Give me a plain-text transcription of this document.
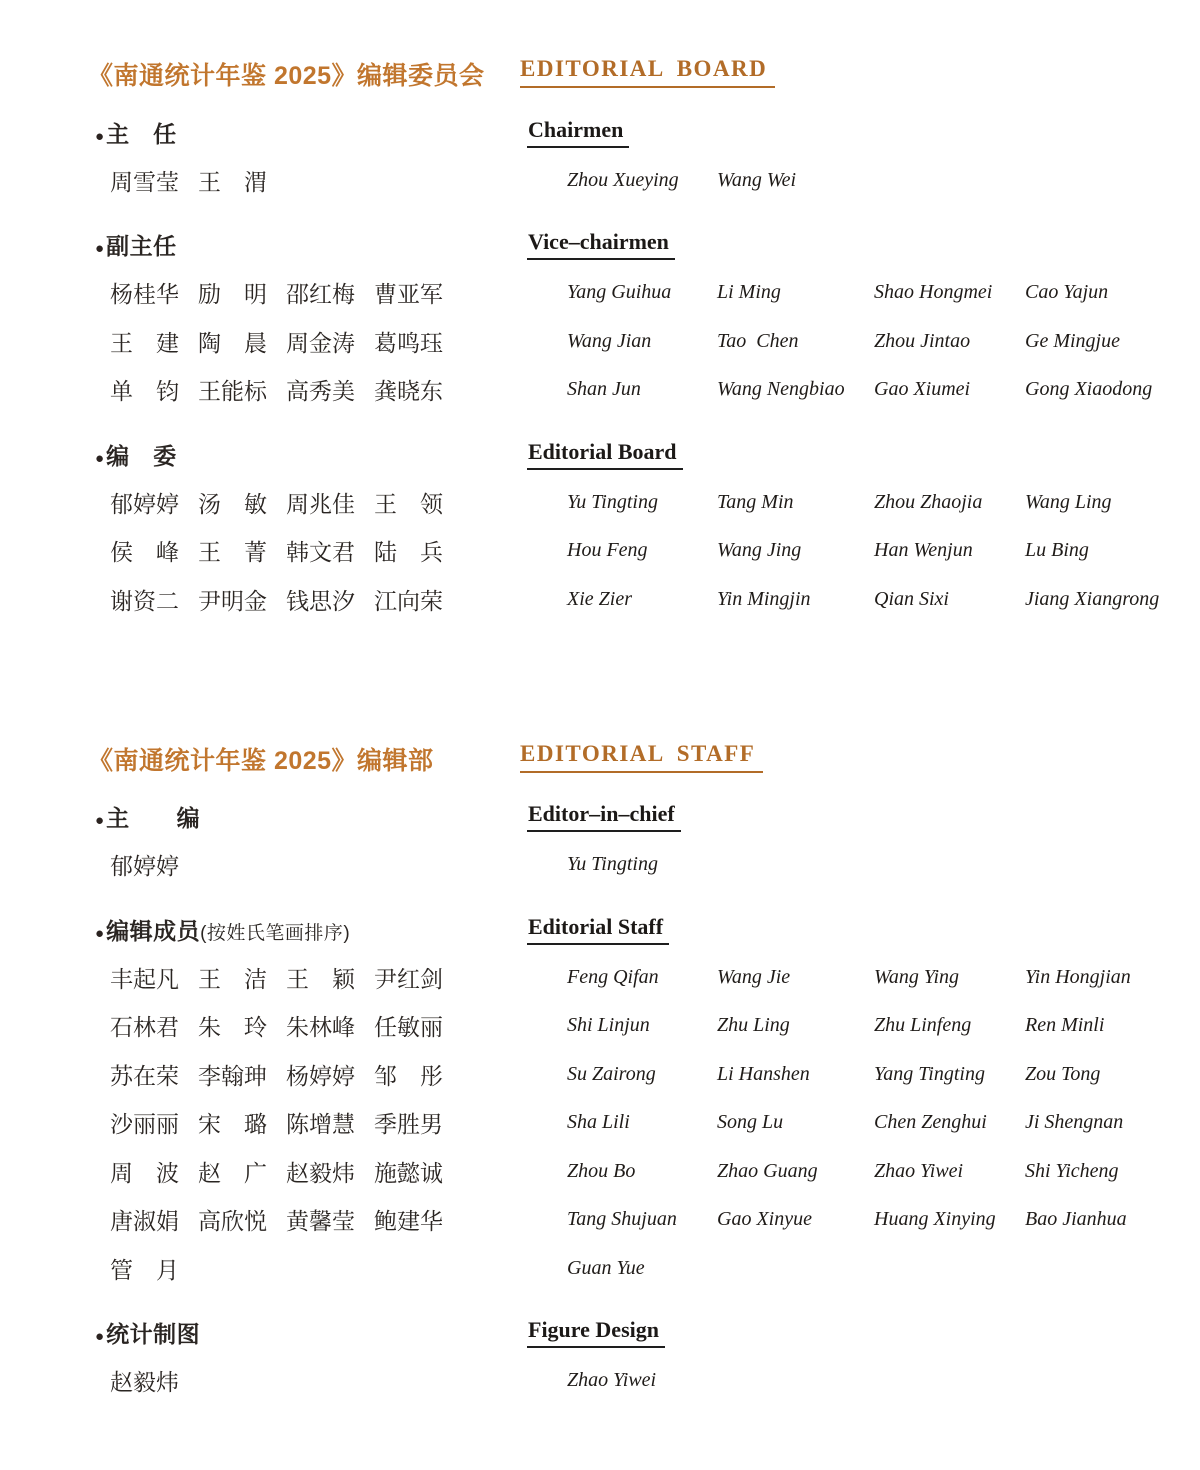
《南通统计年鉴 2025》编辑委员会	EDITORIAL BOARD
●主　任	Chairmen
周雪莹 王　渭	Zhou Xueying	Wang Wei
●副主任	Vice–chairmen
杨桂华 励　明 邵红梅 曹亚军	Yang Guihua	Li Ming	Shao Hongmei	Cao Yajun
王　建 陶　晨 周金涛 葛鸣珏	Wang Jian	Tao  Chen	Zhou Jintao	Ge Mingjue
单　钧 王能标 高秀美 龚晓东	Shan Jun	Wang Nengbiao	Gao Xiumei	Gong Xiaodong
●编　委	Editorial Board
郁婷婷 汤　敏 周兆佳 王　领	Yu Tingting	Tang Min	Zhou Zhaojia	Wang Ling
侯　峰 王　菁 韩文君 陆　兵	Hou Feng	Wang Jing	Han Wenjun	Lu Bing
谢资二 尹明金 钱思汐 江向荣	Xie Zier	Yin Mingjin	Qian Sixi	Jiang Xiangrong
《南通统计年鉴 2025》编辑部	EDITORIAL STAFF
●主　　编	Editor–in–chief
郁婷婷	Yu Tingting
●编辑成员(按姓氏笔画排序)	Editorial Staff
丰起凡 王　洁 王　颖 尹红剑	Feng Qifan	Wang Jie	Wang Ying	Yin Hongjian
石林君 朱　玲 朱林峰 任敏丽	Shi Linjun	Zhu Ling	Zhu Linfeng	Ren Minli
苏在荣 李翰珅 杨婷婷 邹　彤	Su Zairong	Li Hanshen	Yang Tingting	Zou Tong
沙丽丽 宋　璐 陈增慧 季胜男	Sha Lili	Song Lu	Chen Zenghui	Ji Shengnan
周　波 赵　广 赵毅炜 施懿诚	Zhou Bo	Zhao Guang	Zhao Yiwei	Shi Yicheng
唐淑娟 高欣悦 黄馨莹 鲍建华	Tang Shujuan	Gao Xinyue	Huang Xinying	Bao Jianhua
管　月	Guan Yue
●统计制图	Figure Design
赵毅炜	Zhao Yiwei
